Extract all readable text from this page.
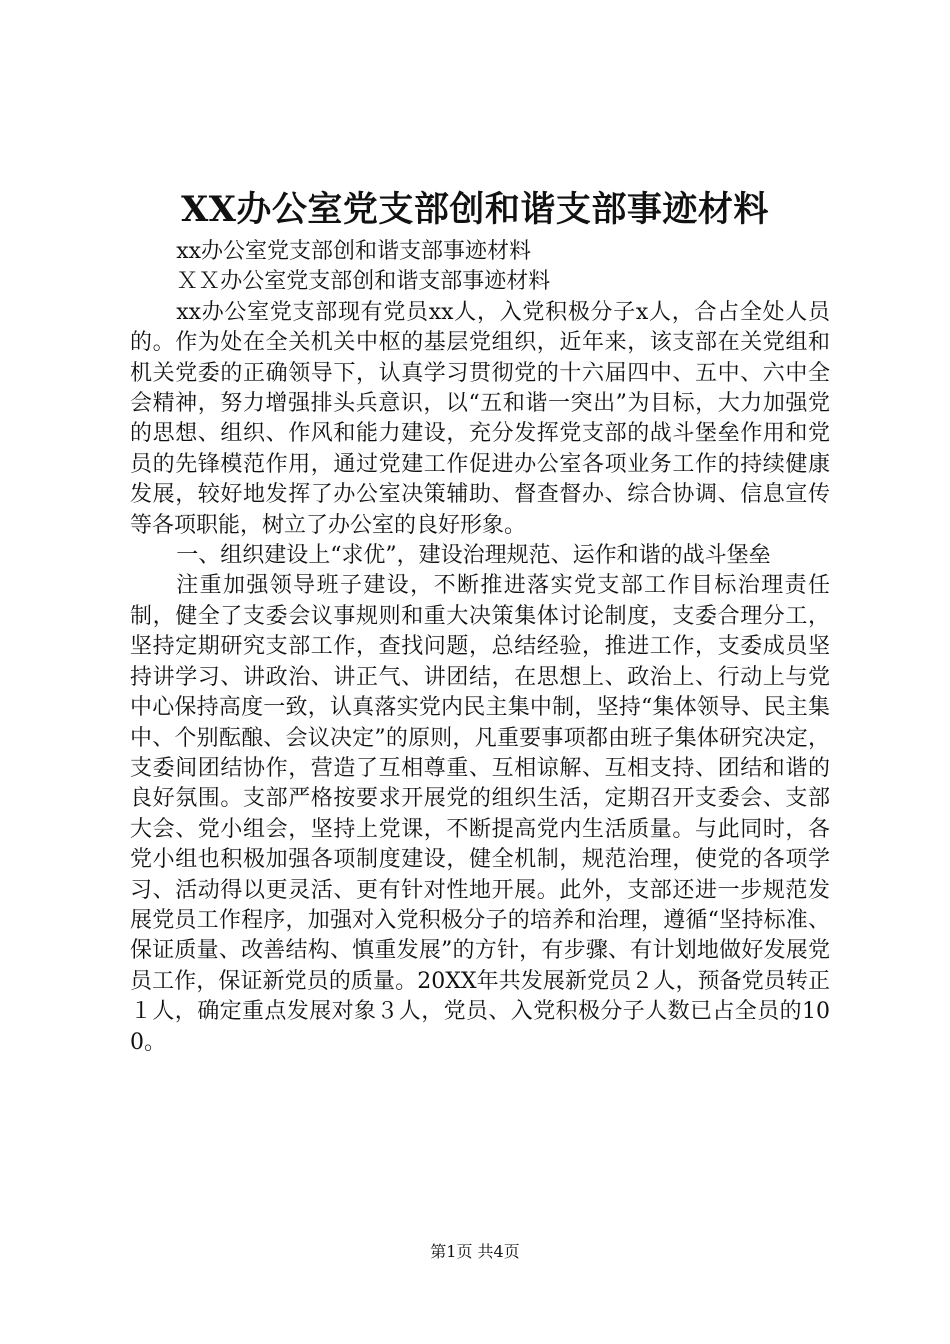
XX办公室党支部创和谐支部事迹材料

xx办公室党支部创和谐支部事迹材料

ＸＸ办公室党支部创和谐支部事迹材料

xx办公室党支部现有党员xx人，入党积极分子x人，合占全处人员的。作为处在全关机关中枢的基层党组织，近年来，该支部在关党组和机关党委的正确领导下，认真学习贯彻党的十六届四中、五中、六中全会精神，努力增强排头兵意识，以“五和谐一突出”为目标，大力加强党的思想、组织、作风和能力建设，充分发挥党支部的战斗堡垒作用和党员的先锋模范作用，通过党建工作促进办公室各项业务工作的持续健康发展，较好地发挥了办公室决策辅助、督查督办、综合协调、信息宣传等各项职能，树立了办公室的良好形象。

一、组织建设上“求优”，建设治理规范、运作和谐的战斗堡垒

注重加强领导班子建设，不断推进落实党支部工作目标治理责任制，健全了支委会议事规则和重大决策集体讨论制度，支委合理分工，坚持定期研究支部工作，查找问题，总结经验，推进工作，支委成员坚持讲学习、讲政治、讲正气、讲团结，在思想上、政治上、行动上与党中心保持高度一致，认真落实党内民主集中制，坚持“集体领导、民主集中、个别酝酿、会议决定”的原则，凡重要事项都由班子集体研究决定，支委间团结协作，营造了互相尊重、互相谅解、互相支持、团结和谐的良好氛围。支部严格按要求开展党的组织生活，定期召开支委会、支部大会、党小组会，坚持上党课，不断提高党内生活质量。与此同时，各党小组也积极加强各项制度建设，健全机制，规范治理，使党的各项学习、活动得以更灵活、更有针对性地开展。此外，支部还进一步规范发展党员工作程序，加强对入党积极分子的培养和治理，遵循“坚持标准、保证质量、改善结构、慎重发展”的方针，有步骤、有计划地做好发展党员工作，保证新党员的质量。20XX年共发展新党员２人，预备党员转正１人，确定重点发展对象３人，党员、入党积极分子人数已占全员的100。

第1页 共4页
